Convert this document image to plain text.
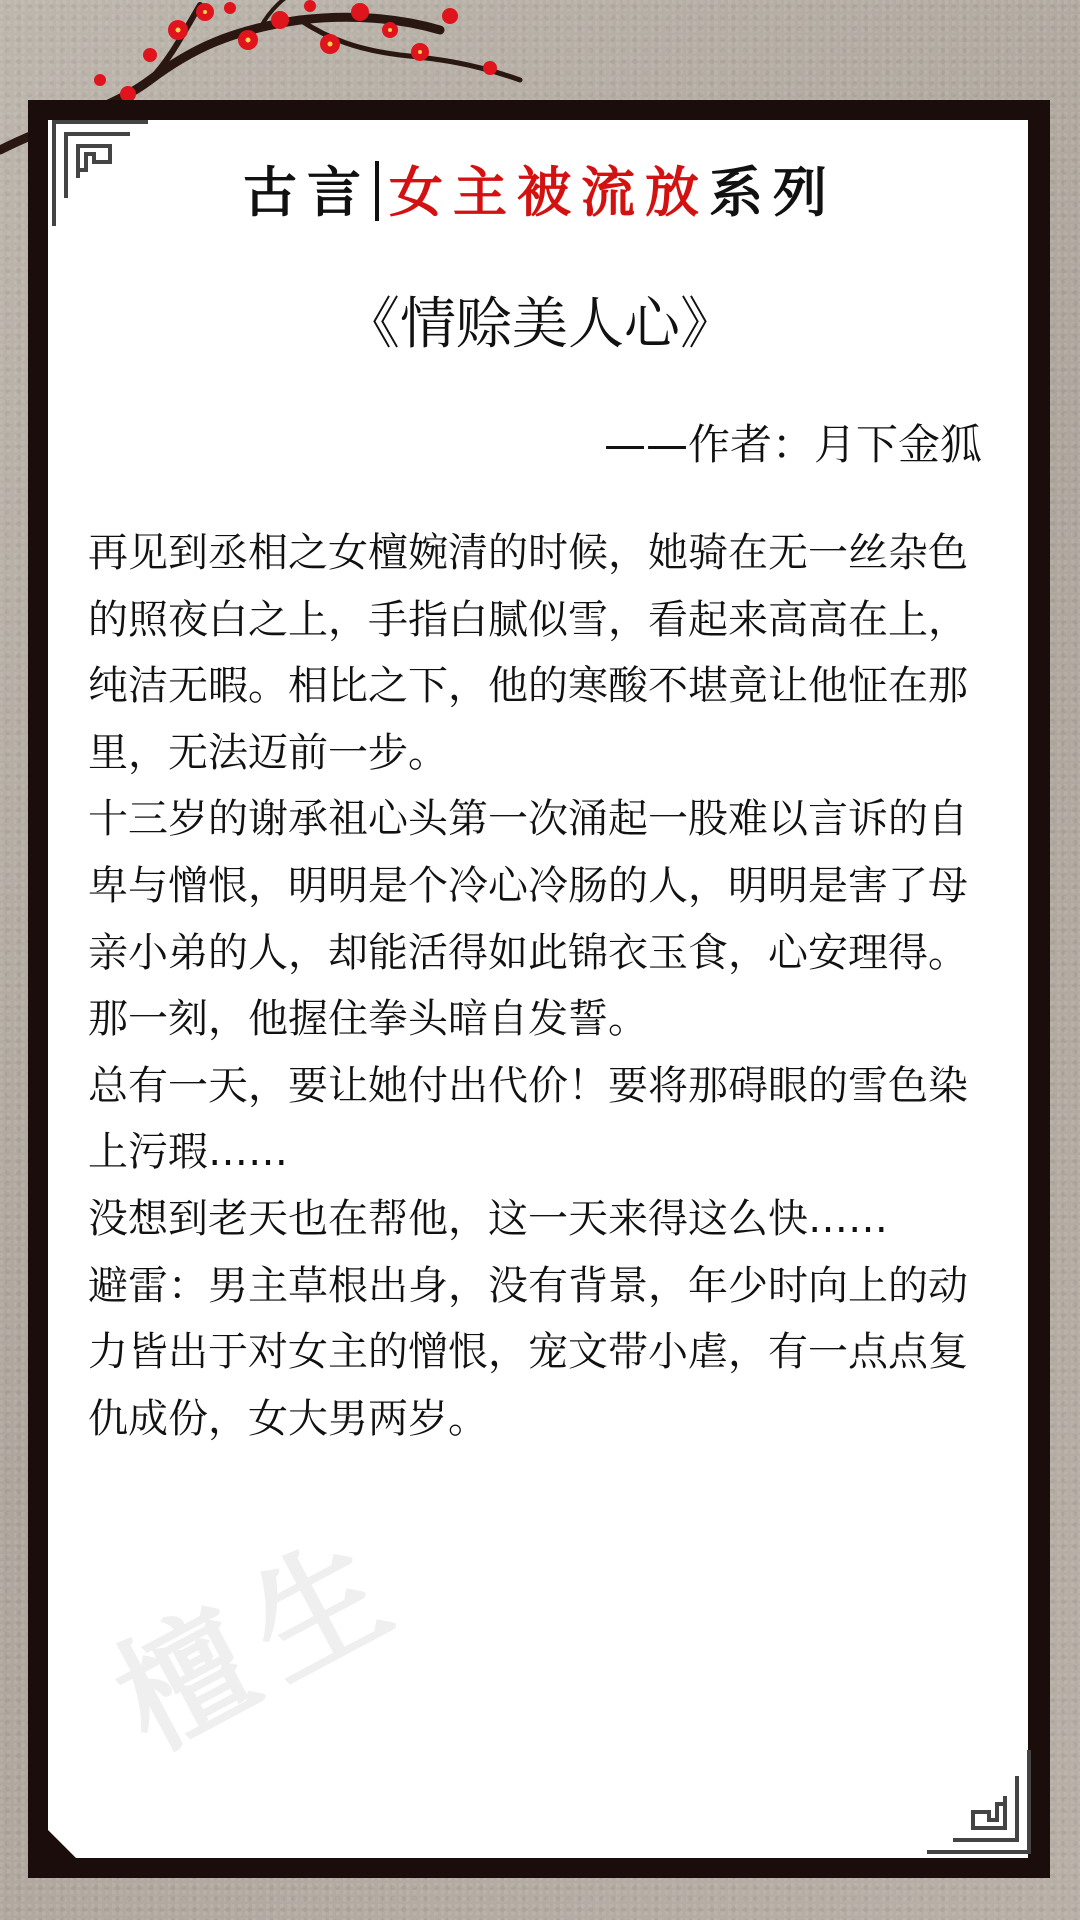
古言 女主被流放系列
《情赊美人心》
——作者：月下金狐

再见到丞相之女檀婉清的时候，她骑在无一丝杂色的照夜白之上，手指白腻似雪，看起来高高在上，纯洁无暇。相比之下，他的寒酸不堪竟让他怔在那里，无法迈前一步。

十三岁的谢承祖心头第一次涌起一股难以言诉的自卑与憎恨，明明是个冷心冷肠的人，明明是害了母亲小弟的人，却能活得如此锦衣玉食，心安理得。

那一刻，他握住拳头暗自发誓。

总有一天，要让她付出代价！要将那碍眼的雪色染上污瑕……

没想到老天也在帮他，这一天来得这么快……

避雷：男主草根出身，没有背景，年少时向上的动力皆出于对女主的憎恨，宠文带小虐，有一点点复仇成份，女大男两岁。

檀生
